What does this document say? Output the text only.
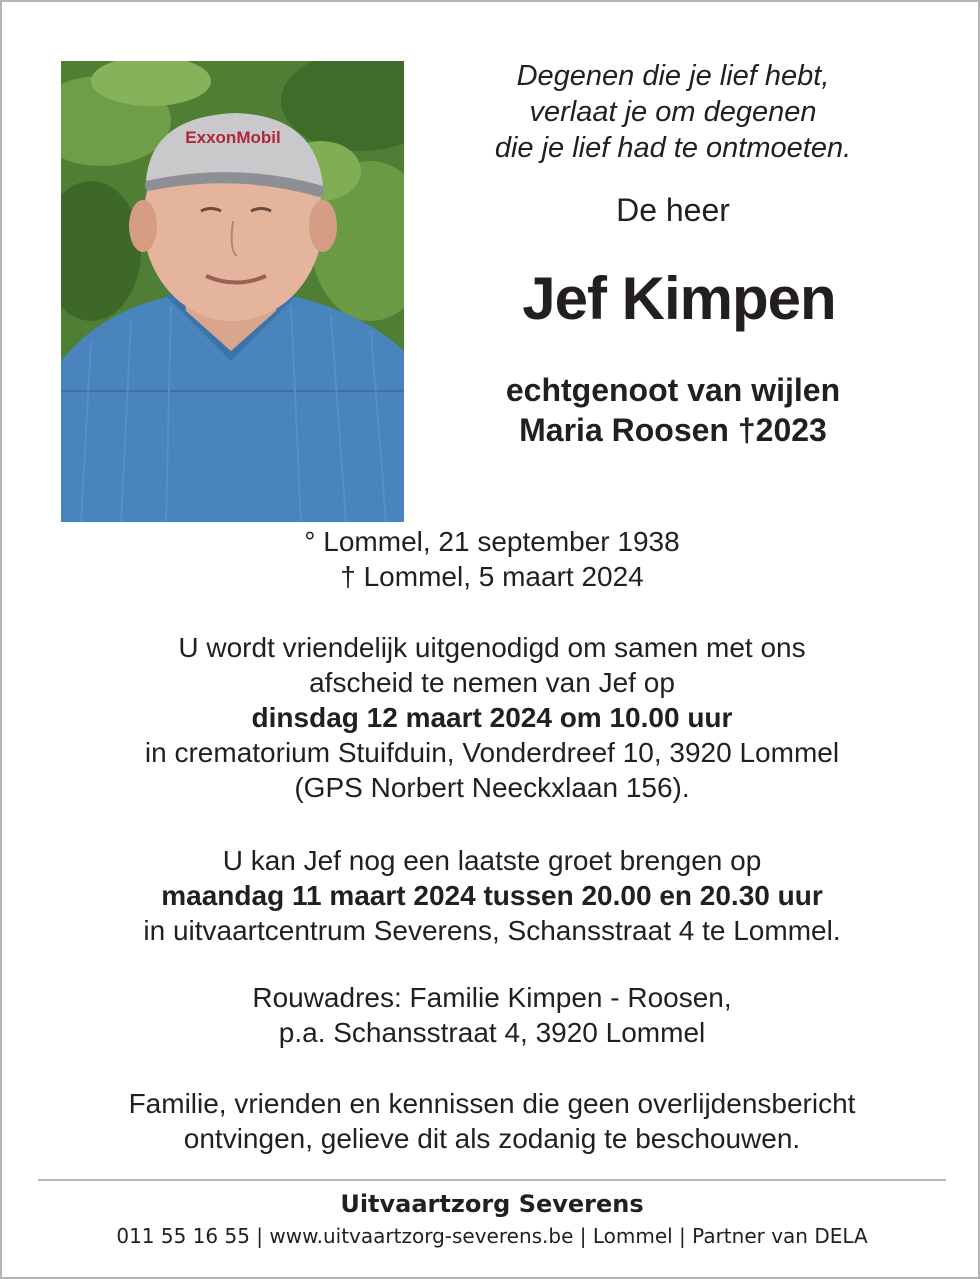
ExxonMobil
Degenen die je lief hebt,
verlaat je om degenen
die je lief had te ontmoeten.
De heer
Jef Kimpen
echtgenoot van wijlen
Maria Roosen †2023
° Lommel, 21 september 1938
† Lommel, 5 maart 2024
U wordt vriendelijk uitgenodigd om samen met ons
afscheid te nemen van Jef op
dinsdag 12 maart 2024 om 10.00 uur
in crematorium Stuifduin, Vonderdreef 10, 3920 Lommel
(GPS Norbert Neeckxlaan 156).
U kan Jef nog een laatste groet brengen op
maandag 11 maart 2024 tussen 20.00 en 20.30 uur
in uitvaartcentrum Severens, Schansstraat 4 te Lommel.
Rouwadres: Familie Kimpen - Roosen,
p.a. Schansstraat 4, 3920 Lommel
Familie, vrienden en kennissen die geen overlijdensbericht
ontvingen, gelieve dit als zodanig te beschouwen.
Uitvaartzorg Severens
011 55 16 55 | www.uitvaartzorg-severens.be | Lommel | Partner van DELA
